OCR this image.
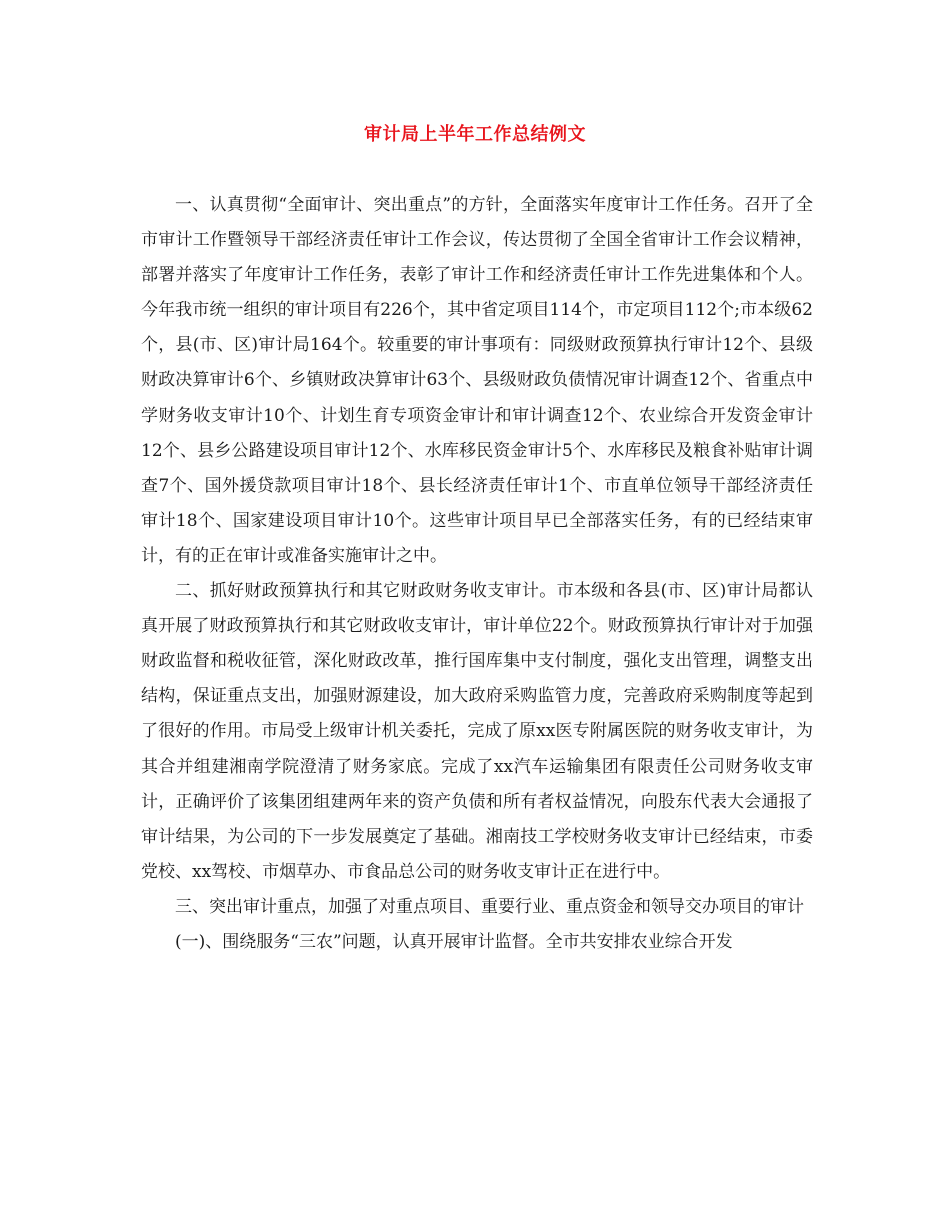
审计局上半年工作总结例文

一、认真贯彻“全面审计、突出重点”的方针，全面落实年度审计工作任务。召开了全市审计工作暨领导干部经济责任审计工作会议，传达贯彻了全国全省审计工作会议精神，部署并落实了年度审计工作任务，表彰了审计工作和经济责任审计工作先进集体和个人。今年我市统一组织的审计项目有226个，其中省定项目114个，市定项目112个;市本级62个，县(市、区)审计局164个。较重要的审计事项有：同级财政预算执行审计12个、县级财政决算审计6个、乡镇财政决算审计63个、县级财政负债情况审计调查12个、省重点中学财务收支审计10个、计划生育专项资金审计和审计调查12个、农业综合开发资金审计12个、县乡公路建设项目审计12个、水库移民资金审计5个、水库移民及粮食补贴审计调查7个、国外援贷款项目审计18个、县长经济责任审计1个、市直单位领导干部经济责任审计18个、国家建设项目审计10个。这些审计项目早已全部落实任务，有的已经结束审计，有的正在审计或准备实施审计之中。

二、抓好财政预算执行和其它财政财务收支审计。市本级和各县(市、区)审计局都认真开展了财政预算执行和其它财政收支审计，审计单位22个。财政预算执行审计对于加强财政监督和税收征管，深化财政改革，推行国库集中支付制度，强化支出管理，调整支出结构，保证重点支出，加强财源建设，加大政府采购监管力度，完善政府采购制度等起到了很好的作用。市局受上级审计机关委托，完成了原xx医专附属医院的财务收支审计，为其合并组建湘南学院澄清了财务家底。完成了xx汽车运输集团有限责任公司财务收支审计，正确评价了该集团组建两年来的资产负债和所有者权益情况，向股东代表大会通报了审计结果，为公司的下一步发展奠定了基础。湘南技工学校财务收支审计已经结束，市委党校、xx驾校、市烟草办、市食品总公司的财务收支审计正在进行中。

三、突出审计重点，加强了对重点项目、重要行业、重点资金和领导交办项目的审计

(一)、围绕服务“三农”问题，认真开展审计监督。全市共安排农业综合开发
